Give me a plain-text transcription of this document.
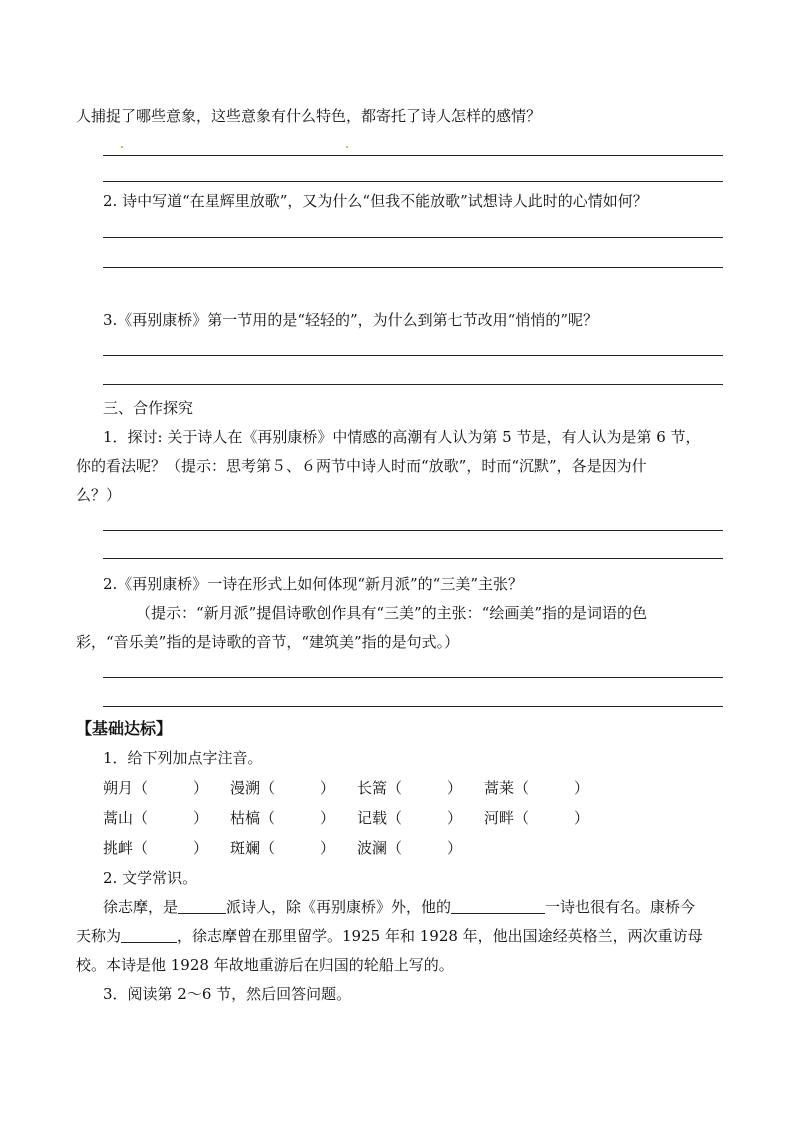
人捕捉了哪些意象，这些意象有什么特色，都寄托了诗人怎样的感情？
2. 诗中写道“在星辉里放歌”，又为什么“但我不能放歌”试想诗人此时的心情如何？
3.《再别康桥》第一节用的是“轻轻的”，为什么到第七节改用“悄悄的”呢？
三、合作探究
1．探讨: 关于诗人在《再别康桥》中情感的高潮有人认为第 5 节是，有人认为是第 6 节，
你的看法呢？（提示：思考第５、６两节中诗人时而“放歌”，时而“沉默”，各是因为什
么？）
2.《再别康桥》一诗在形式上如何体现“新月派”的“三美”主张？
（提示：“新月派”提倡诗歌创作具有“三美”的主张：“绘画美”指的是词语的色
彩，“音乐美”指的是诗歌的音节，“建筑美”指的是句式。）
【基础达标】
1．给下列加点字注音。
朔月（　　　） 漫溯（　　　） 长篙（　　　） 蒿莱（　　　）
蒿山（　　　） 枯槁（　　　） 记载（　　　） 河畔（　　　）
挑衅（　　　） 斑斓（　　　） 波澜（　　　）
2. 文学常识。
徐志摩，是	派诗人，除《再别康桥》外，他的	一诗也很有名。康桥今
天称为	，徐志摩曾在那里留学。1925 年和 1928 年，他出国途经英格兰，两次重访母
校。本诗是他 1928 年故地重游后在归国的轮船上写的。
3．阅读第 2～6 节，然后回答问题。
